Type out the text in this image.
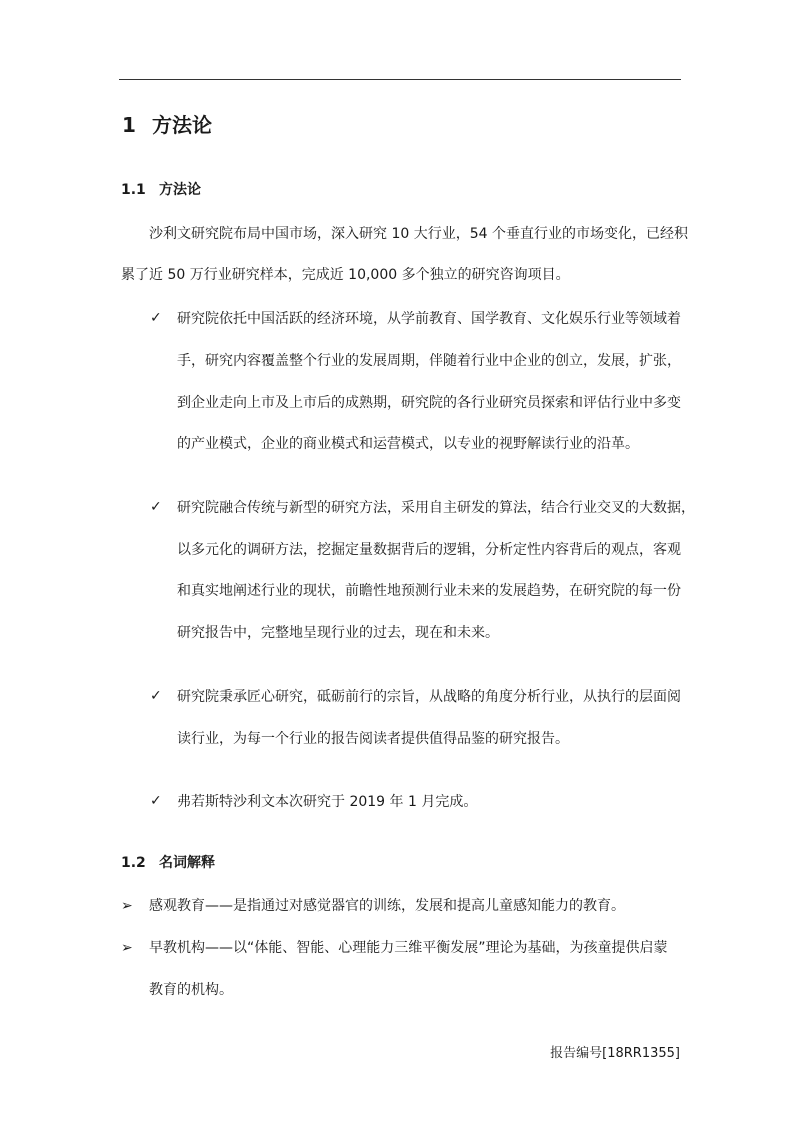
1 方法论
1.1 方法论
沙利文研究院布局中国市场，深入研究 10 大行业，54 个垂直行业的市场变化，已经积
累了近 50 万行业研究样本，完成近 10,000 多个独立的研究咨询项目。
✓ 研究院依托中国活跃的经济环境，从学前教育、国学教育、文化娱乐行业等领域着
手，研究内容覆盖整个行业的发展周期，伴随着行业中企业的创立，发展，扩张，
到企业走向上市及上市后的成熟期，研究院的各行业研究员探索和评估行业中多变
的产业模式，企业的商业模式和运营模式，以专业的视野解读行业的沿革。
✓ 研究院融合传统与新型的研究方法，采用自主研发的算法，结合行业交叉的大数据，
以多元化的调研方法，挖掘定量数据背后的逻辑，分析定性内容背后的观点，客观
和真实地阐述行业的现状，前瞻性地预测行业未来的发展趋势，在研究院的每一份
研究报告中，完整地呈现行业的过去，现在和未来。
✓ 研究院秉承匠心研究，砥砺前行的宗旨，从战略的角度分析行业，从执行的层面阅
读行业，为每一个行业的报告阅读者提供值得品鉴的研究报告。
✓ 弗若斯特沙利文本次研究于 2019 年 1 月完成。
1.2 名词解释
➢ 感观教育——是指通过对感觉器官的训练，发展和提高儿童感知能力的教育。
➢ 早教机构——以“体能、智能、心理能力三维平衡发展”理论为基础，为孩童提供启蒙
教育的机构。
报告编号[18RR1355]
